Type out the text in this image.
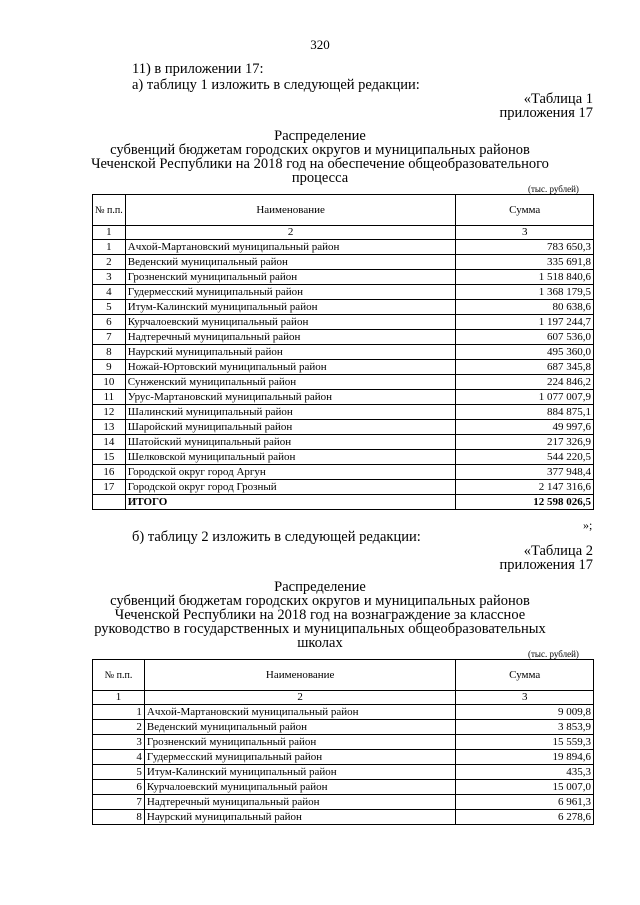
320
11) в приложении 17:
а) таблицу 1 изложить в следующей редакции:
«Таблица 1
приложения 17
Распределение
субвенций бюджетам городских округов и муниципальных районов
Чеченской Республики на 2018 год на обеспечение общеобразовательного
процесса
(тыс. рублей)
№ п.п.	Наименование	Сумма
1	2	3
1	Ачхой-Мартановский муниципальный район	783 650,3
2	Веденский муниципальный район	335 691,8
3	Грозненский муниципальный район	1 518 840,6
4	Гудермесский муниципальный район	1 368 179,5
5	Итум-Калинский муниципальный район	80 638,6
6	Курчалоевский муниципальный район	1 197 244,7
7	Надтеречный муниципальный район	607 536,0
8	Наурский муниципальный район	495 360,0
9	Ножай-Юртовский муниципальный район	687 345,8
10	Сунженский муниципальный район	224 846,2
11	Урус-Мартановский муниципальный район	1 077 007,9
12	Шалинский муниципальный район	884 875,1
13	Шаройский муниципальный район	49 997,6
14	Шатойский муниципальный район	217 326,9
15	Шелковской муниципальный район	544 220,5
16	Городской округ город Аргун	377 948,4
17	Городской округ город Грозный	2 147 316,6
	ИТОГО	12 598 026,5
»;
б) таблицу 2 изложить в следующей редакции:
«Таблица 2
приложения 17
Распределение
субвенций бюджетам городских округов и муниципальных районов
Чеченской Республики на 2018 год на вознаграждение за классное
руководство в государственных и муниципальных общеобразовательных
школах
(тыс. рублей)
№ п.п.	Наименование	Сумма
1	2	3
1	Ачхой-Мартановский муниципальный район	9 009,8
2	Веденский муниципальный район	3 853,9
3	Грозненский муниципальный район	15 559,3
4	Гудермесский муниципальный район	19 894,6
5	Итум-Калинский муниципальный район	435,3
6	Курчалоевский муниципальный район	15 007,0
7	Надтеречный муниципальный район	6 961,3
8	Наурский муниципальный район	6 278,6
